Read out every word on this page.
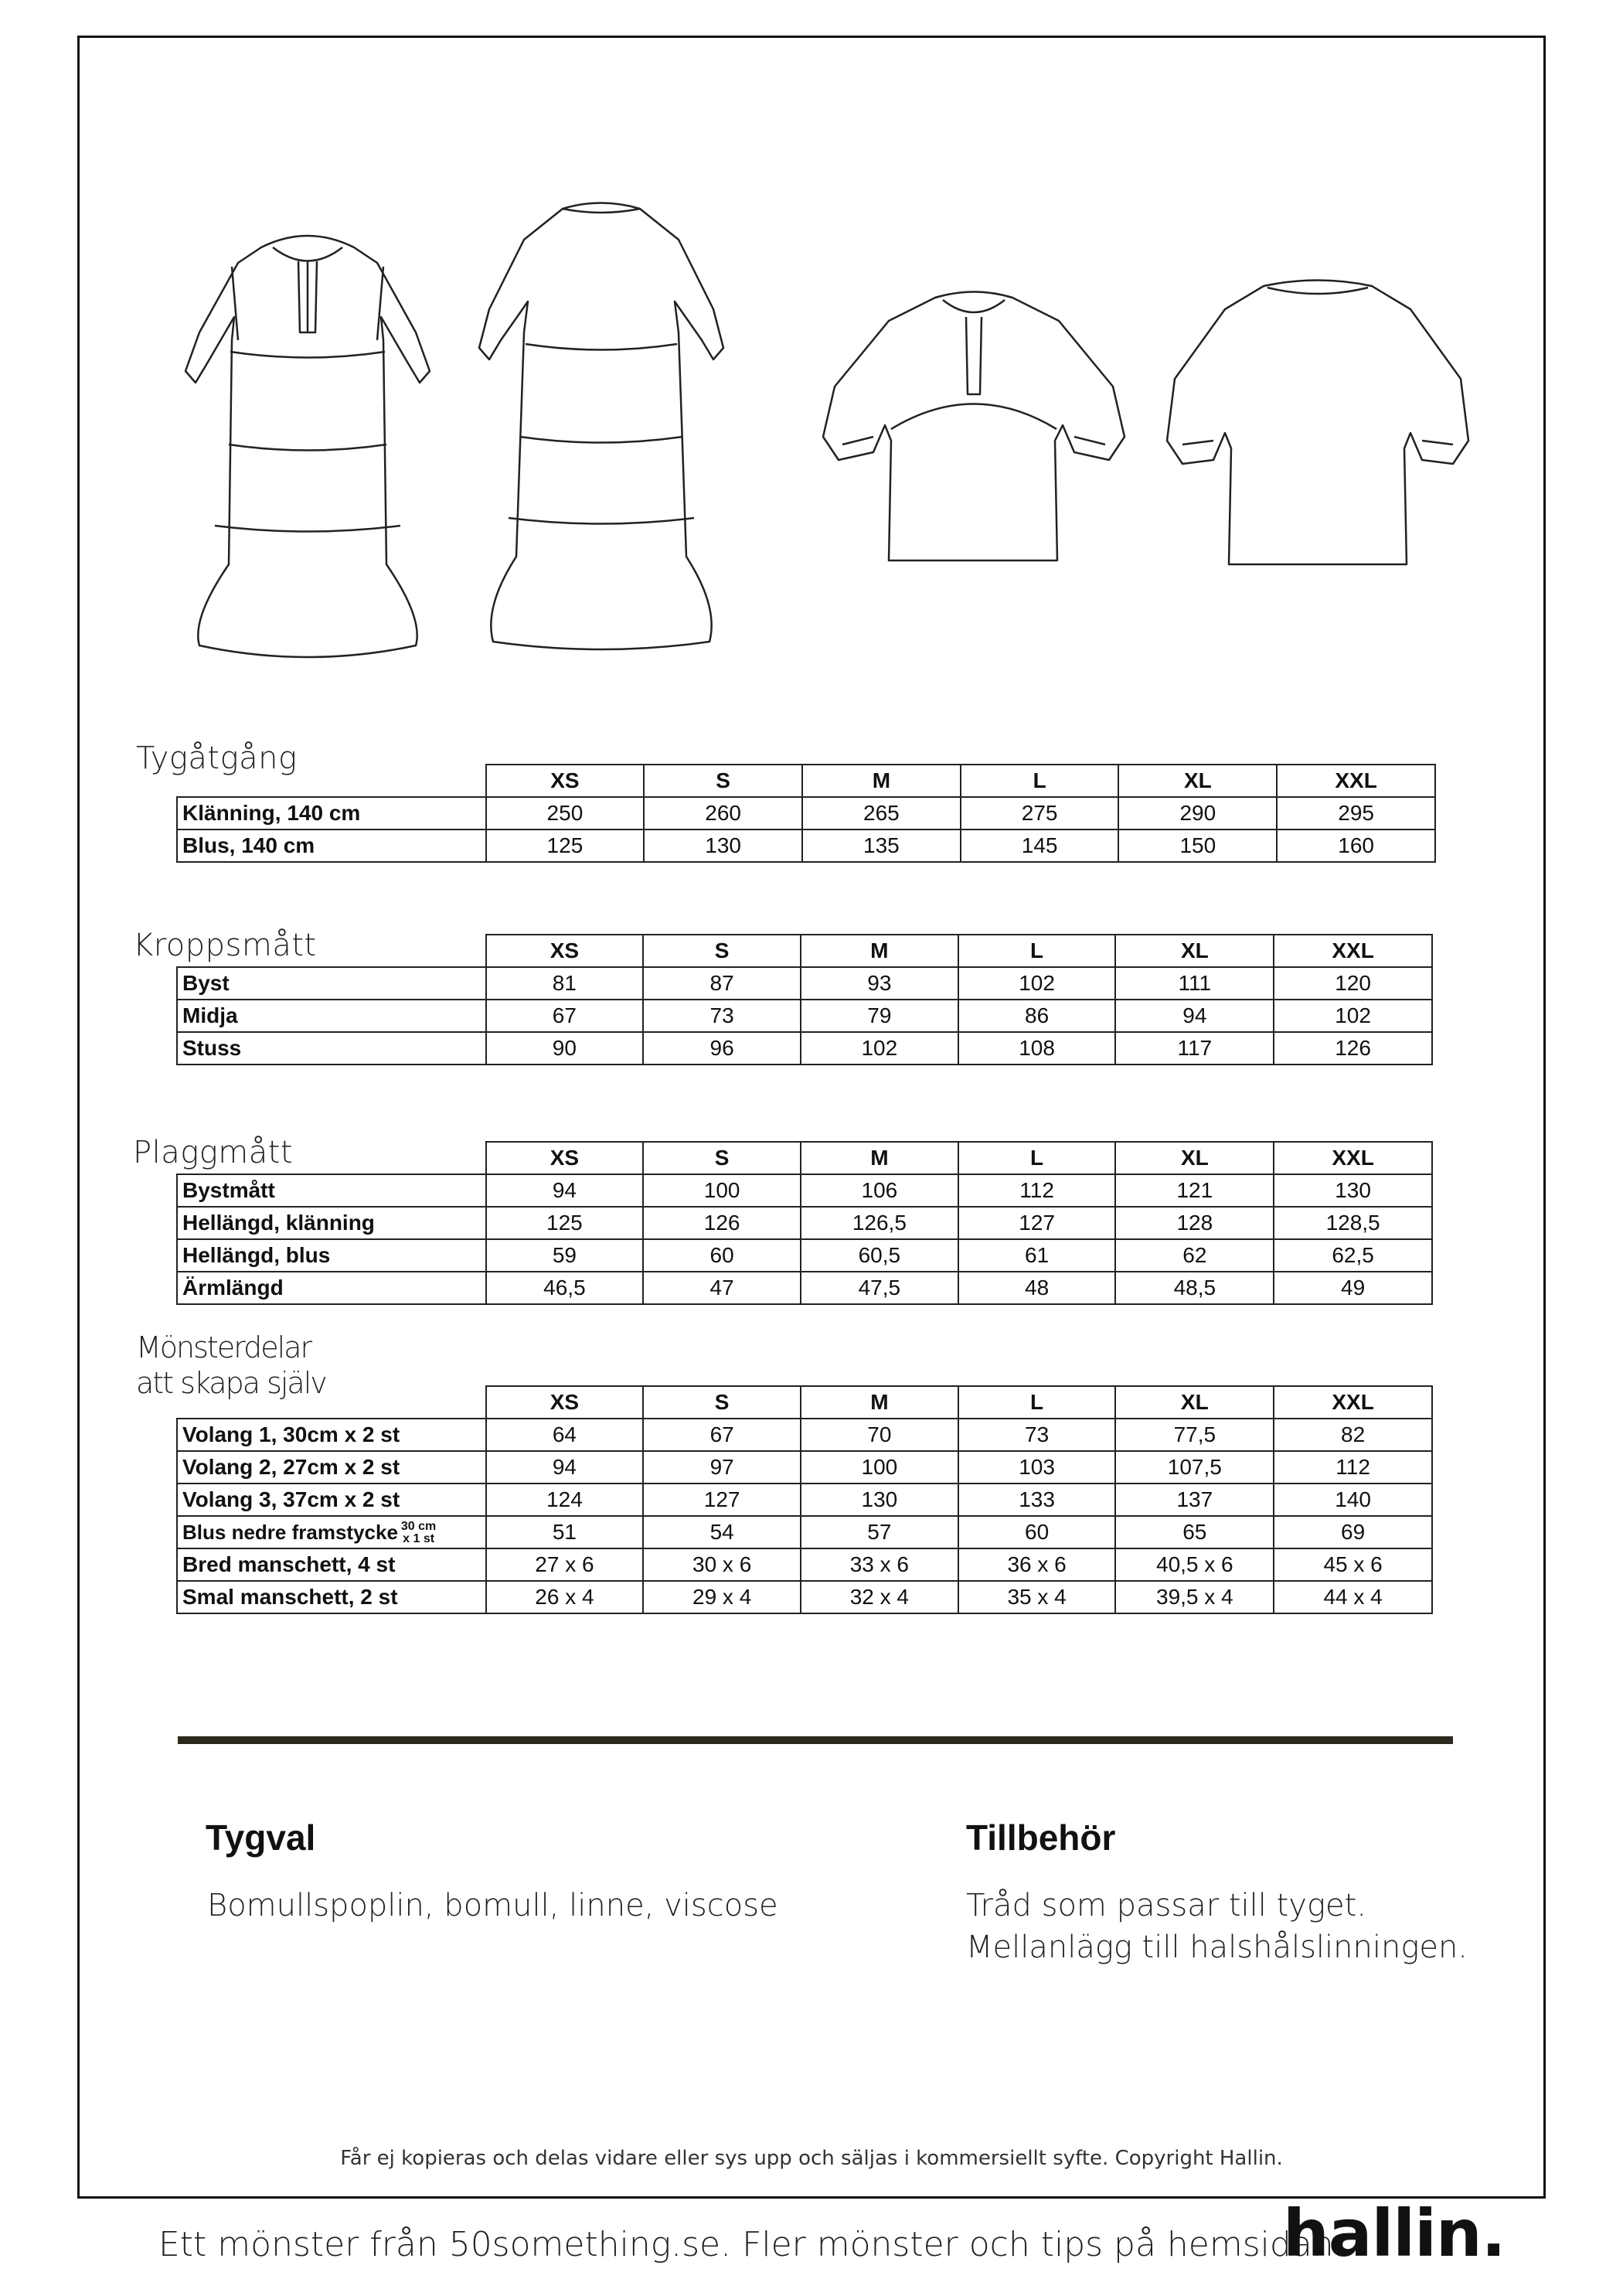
Tygåtgång
	XS	S	M	L	XL	XXL
Klänning, 140 cm	250	260	265	275	290	295
Blus, 140 cm	125	130	135	145	150	160
Kroppsmått
		XS	S	M	L	XL	XXL
Byst	81	87	93	102	111	120
Midja	67	73	79	86	94	102
Stuss	90	96	102	108	117	126
Plaggmått
		XS	S	M	L	XL	XXL
Bystmått	94	100	106	112	121	130
Hellängd, klänning	125	126	126,5	127	128	128,5
Hellängd, blus	59	60	60,5	61	62	62,5
Ärmlängd	46,5	47	47,5	48	48,5	49
Mönsterdelar
att skapa själv
	XS	S	M	L	XL	XXL
Volang 1, 30cm x 2 st	64	67	70	73	77,5	82
Volang 2, 27cm x 2 st	94	97	100	103	107,5	112
Volang 3, 37cm x 2 st	124	127	130	133	137	140
Blus nedre framstycke 30 cm
x 1 st	51	54	57	60	65	69
Bred manschett, 4 st	27 x 6	30 x 6	33 x 6	36 x 6	40,5 x 6	45 x 6
Smal manschett, 2 st	26 x 4	29 x 4	32 x 4	35 x 4	39,5 x 4	44 x 4
Tygval
Bomullspoplin, bomull, linne, viscose
Tillbehör
Tråd som passar till tyget.
Mellanlägg till halshålslinningen.
Får ej kopieras och delas vidare eller sys upp och säljas i kommersiellt syfte. Copyright Hallin.
Ett mönster från 50something.se. Fler mönster och tips på hemsidan.
hallin.
